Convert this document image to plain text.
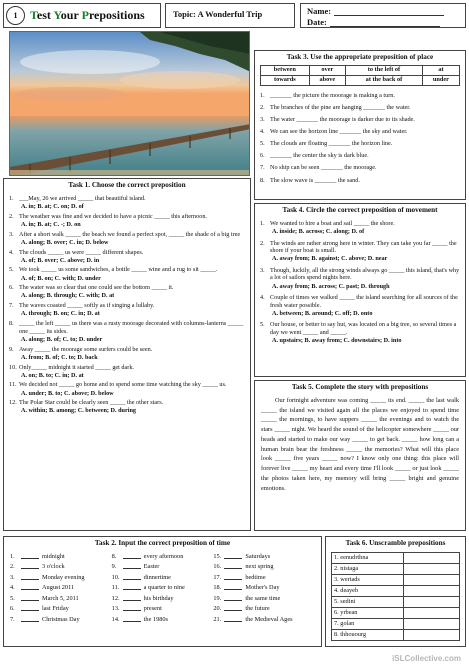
1	Test Your Prepositions	Topic: A Wonderful Trip	Name:
Date:
Task 1. Choose the correct preposition
1. ___May, 26 we arrived _____ that beautiful island.
A. in; B. at; C. on; D. of
2. The weather was fine and we decided to have a picnic _____ this afternoon.
A. in; B. at; C. -; D. on
3. After a short walk _____ the beach we found a perfect spot, _____ the shade of a big tree
A. along; B. over; C. in; D. below
4. The clouds _____ us were _____ different shapes.
A. of; B. over; C. above; D. in
5. We took _____ us some sandwiches, a bottle _____ wine and a rug to sit _____.
A. of; B. on; C. with; D. under
6. The water was so clear that one could see the bottom _____ it.
A. along; B. through; C. with; D. at
7. The waves coasted _____ softly as if singing a lullaby.
A. through; B. on; C. in; D. at
8. _____ the left _____ us there was a rusty moorage decorated with columns-lanterns _____ one _____ its sides.
A. along; B. of; C. to; D. under
9. Away _____ the moorage some surfers could be seen.
A. from; B. of; C. to; D. back
10. Only_____ midnight it started _____ get dark.
A. on; B. to; C. in; D. at
11. We decided not _____ go home and to spend some time watching the sky _____ us.
A. under; B. to; C. above; D. below
12. The Polar Star could be clearly seen _____ the other stars.
A. within; B. among; C. between; D. during
Task 3. Use the appropriate preposition of place
between	over	to the left of	at
towards	above	at the back of	under
1. _______ the picture the moorage is making a turn.
2. The branches of the pine are hanging _______ the water.
3. The water _______ the moorage is darker due to its shade.
4. We can see the horizon line _______ the sky and water.
5. The clouds are floating _______ the horizon line.
6. _______ the center the sky is dark blue.
7. No ship can be seen _______ the moorage.
8. The slow wave is _______ the sand.
Task 4. Circle the correct preposition of movement
1. We wanted to hire a boat and sail _____ the shore.
A. inside; B. across; C. along; D. of
2. The winds are rather strong here in winter. They can take you far _____ the shore if your boat is small.
A. away from; B. against; C. above; D. near
3. Though, luckily, all the strong winds always go _____ this island, that's why a lot of sailors spend nights here.
A. away from; B. across; C. past; D. through
4. Couple of times we walked _____ the island searching for all sources of the fresh water possible.
A. between; B. around; C. off; D. onto
5. Our house, or better to say hut, was located on a big tree, so several times a day we went _____ and _____.
A. upstairs; B. away from; C. downstairs; D. into
Task 5. Complete the story with prepositions

Our fortnight adventure was coming _____ its end. _____ the last walk _____ the island we visited again all the places we enjoyed to spend time _____ the mornings, to have suppers _____ the evenings and to watch the stars _____ night. We heard the sound of the helicopter somewhere _____ our heads and started to make our way _____ to get back. _____ how long can a human brain bear the freshness _____ the memories? What will this place look _____ five years _____ now? I know only one thing: this place will forever live _____ my heart and every time I'll look _____ or just look _____ the photos taken here, my memory will bring _____ bright and genuine emotions.

Task 2. Input the correct preposition of time
1.	midnight
2.	3 o'clock
3.	Monday evening
4.	August 2011
5.	March 5, 2011
6.	last Friday
7.	Christmas Day
8.	every afternoon
9.	Easter
10.	dinnertime
11.	a quarter to nine
12.	his birthday
13.	present
14.	the 1980s
15.	Saturdays
16.	next spring
17.	bedtime
18.	Mother's Day
19.	the same time
20.	the future
21.	the Medieval Ages
Task 6. Unscramble prepositions
1. eenudrthna	
2. nistaga	
3. wertads	
4. deayeb	
5. sedini	
6. yrbean	
7. golan	
8. thhouourg	
iSLCollective.com
